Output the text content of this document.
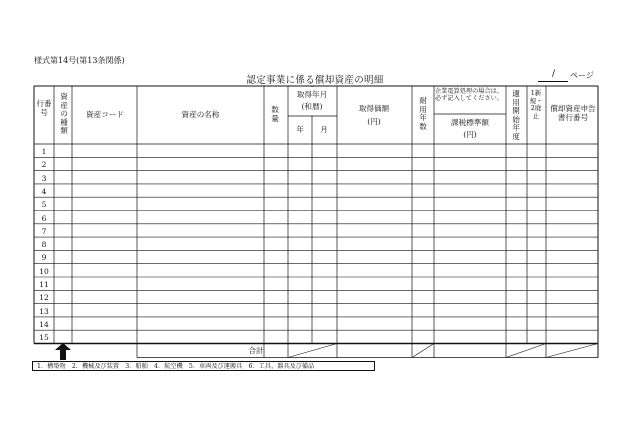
様式第14号(第13条関係)
認定事業に係る償却資産の明細
/ ページ
行番号
資産の種類
資産コード	資産の名称
数量
取得年月
(和暦)
年	月
取得価額
(円)
耐用年数
企業電算処理の場合は、必ず記入してください。
課税標準額
(円)
適用開始年度
1新規・2廃止
償却資産申告書行番号
1
2
3
4
5
6
7
8
9
10
11
12
13
14
15
合計
1．構築物　2．機械及び装置　3．船舶　4．航空機　5．車両及び運搬具　6．工具、器具及び備品
